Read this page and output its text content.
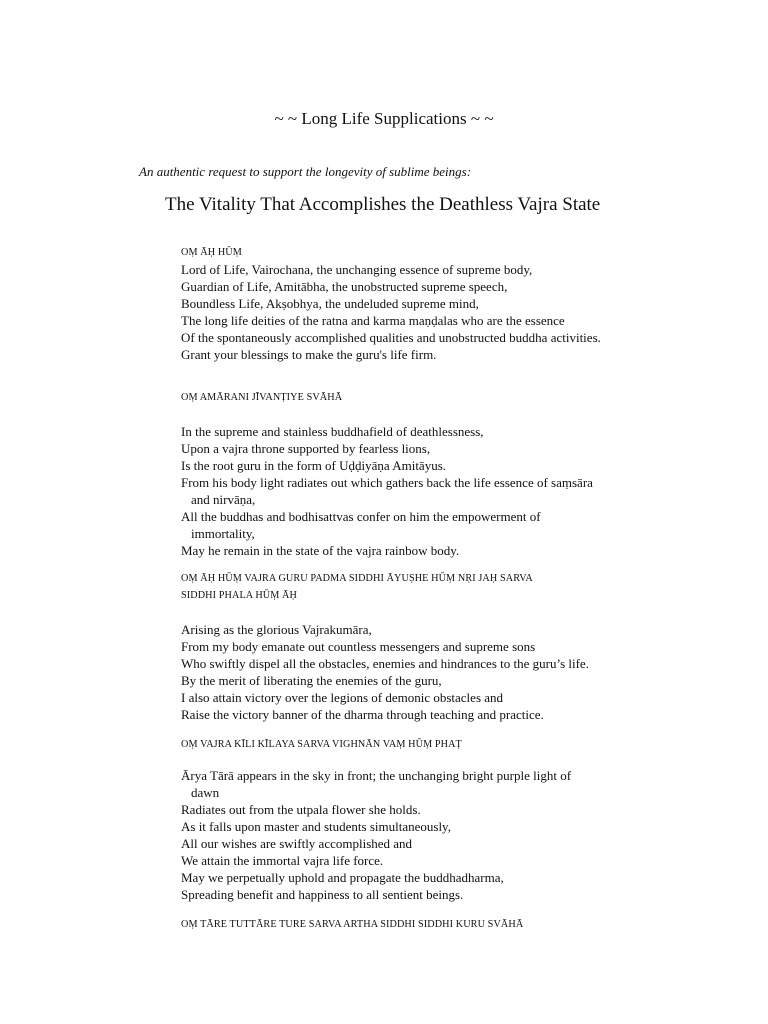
~ ~ Long Life Supplications ~ ~

An authentic request to support the longevity of sublime beings:

The Vitality That Accomplishes the Deathless Vajra State

OṂ ĀḤ HŪṂ

Lord of Life, Vairochana, the unchanging essence of supreme body,

Guardian of Life, Amitābha, the unobstructed supreme speech,

Boundless Life, Akṣobhya, the undeluded supreme mind,

The long life deities of the ratna and karma maṇḍalas who are the essence

Of the spontaneously accomplished qualities and unobstructed buddha activities.

Grant your blessings to make the guru's life firm.

OṂ AMĀRANI JĪVANṬIYE SVĀHĀ

In the supreme and stainless buddhafield of deathlessness,

Upon a vajra throne supported by fearless lions,

Is the root guru in the form of Uḍḍiyāṇa Amitāyus.

From his body light radiates out which gathers back the life essence of saṃsāra and nirvāṇa,

All the buddhas and bodhisattvas confer on him the empowerment of immortality,

May he remain in the state of the vajra rainbow body.

OṂ ĀḤ HŪṂ VAJRA GURU PADMA SIDDHI ĀYUṢHE HŪṂ NṚI JAḤ SARVA

SIDDHI PHALA HŪṂ ĀḤ

Arising as the glorious Vajrakumāra,

From my body emanate out countless messengers and supreme sons

Who swiftly dispel all the obstacles, enemies and hindrances to the guru’s life.

By the merit of liberating the enemies of the guru,

I also attain victory over the legions of demonic obstacles and

Raise the victory banner of the dharma through teaching and practice.

OṂ VAJRA KĪLI KĪLAYA SARVA VIGHNĀN VAṂ HŪṂ PHAṬ

Ārya Tārā appears in the sky in front; the unchanging bright purple light of dawn

Radiates out from the utpala flower she holds.

As it falls upon master and students simultaneously,

All our wishes are swiftly accomplished and

We attain the immortal vajra life force.

May we perpetually uphold and propagate the buddhadharma,

Spreading benefit and happiness to all sentient beings.

OṂ TĀRE TUTTĀRE TURE SARVA ARTHA SIDDHI SIDDHI KURU SVĀHĀ
